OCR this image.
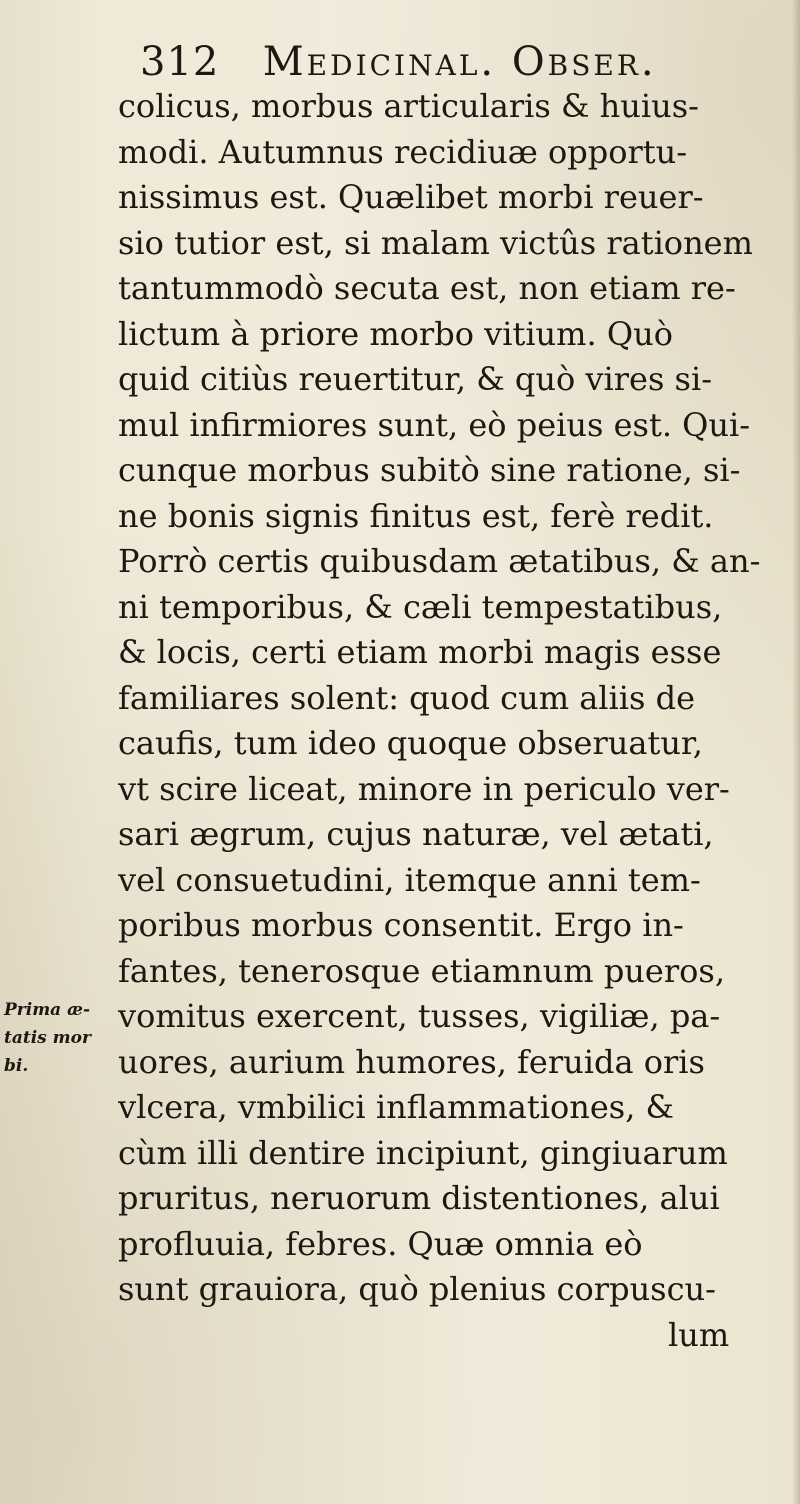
312 Medicinal. Obser.
Prima æ-
tatis mor
bi.
colicus, morbus articularis & huius-
modi. Autumnus recidiuæ opportu-
nissimus est. Quælibet morbi reuer-
sio tutior est, si malam victûs rationem
tantummodò secuta est, non etiam re-
lictum à priore morbo vitium. Quò
quid citiùs reuertitur, & quò vires si-
mul infirmiores sunt, eò peius est. Qui-
cunque morbus subitò sine ratione, si-
ne bonis signis finitus est, ferè redit.
Porrò certis quibusdam ætatibus, & an-
ni temporibus, & cæli tempestatibus,
& locis, certi etiam morbi magis esse
familiares solent: quod cum aliis de
caufis, tum ideo quoque obseruatur,
vt scire liceat, minore in periculo ver-
sari ægrum, cujus naturæ, vel ætati,
vel consuetudini, itemque anni tem-
poribus morbus consentit. Ergo in-
fantes, tenerosque etiamnum pueros,
vomitus exercent, tusses, vigiliæ, pa-
uores, aurium humores, feruida oris
vlcera, vmbilici inflammationes, &
cùm illi dentire incipiunt, gingiuarum
pruritus, neruorum distentiones, alui
profluuia, febres. Quæ omnia eò
sunt grauiora, quò plenius corpuscu-
lum
